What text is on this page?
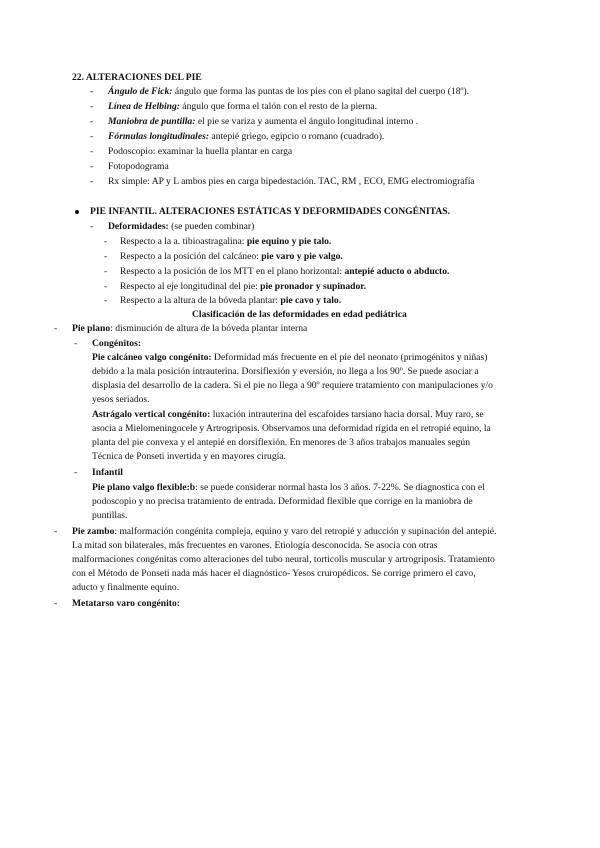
22. ALTERACIONES DEL PIE
- Ángulo de Fick: ángulo que forma las puntas de los pies con el plano sagital del cuerpo (18º).
- Línea de Helbing: ángulo que forma el talón con el resto de la pierna.
- Maniobra de puntilla: el pie se variza y aumenta el ángulo longitudinal interno .
- Fórmulas longitudinales: antepié griego, egipcio o romano (cuadrado).
- Podoscopio: examinar la huella plantar en carga
- Fotopodograma
- Rx simple: AP y L ambos pies en carga bipedestación. TAC, RM , ECO, EMG electromiografía
PIE INFANTIL. ALTERACIONES ESTÁTICAS Y DEFORMIDADES CONGÉNITAS.
- Deformidades: (se pueden combinar)
- Respecto a la a. tibioastragalina: pie equino y pie talo.
- Respecto a la posición del calcáneo: pie varo y pie valgo.
- Respecto a la posición de los MTT en el plano horizontal: antepié aducto o abducto.
- Respecto al eje longitudinal del pie: pie pronador y supinador.
- Respecto a la altura de la bóveda plantar: pie cavo y talo.
Clasificación de las deformidades en edad pediátrica
- Pie plano: disminución de altura de la bóveda plantar interna
- Congénitos:
Pie calcáneo valgo congénito: Deformidad más frecuente en el pie del neonato (primogénitos y niñas)
debido a la mala posición intrauterina. Dorsiflexión y eversión, no llega a los 90º. Se puede asociar a
displasia del desarrollo de la cadera. Si el pie no llega a 90º requiere tratamiento con manipulaciones y/o
yesos seriados.
Astrágalo vertical congénito: luxación intrauterina del escafoides tarsiano hacia dorsal. Muy raro, se
asocia a Mielomeningocele y Artrogriposis. Observamos una deformidad rígida en el retropié equino, la
planta del pie convexa y el antepié en dorsiflexión. En menores de 3 años trabajos manuales según
Técnica de Ponseti invertida y en mayores cirugía.
- Infantil
Pie plano valgo flexible:b: se puede considerar normal hasta los 3 años. 7-22%. Se diagnostica con el
podoscopio y no precisa tratamiento de entrada. Deformidad flexible que corrige en la maniobra de
puntillas.
- Pie zambo: malformación congénita compleja, equino y varo del retropié y aducción y supinación del antepié.
La mitad son bilaterales, más frecuentes en varones. Etiología desconocida. Se asocia con otras
malformaciones congénitas como alteraciones del tubo neural, torticolis muscular y artrogriposis. Tratamiento
con el Método de Ponseti nada más hacer el diagnóstico- Yesos cruropédicos. Se corrige primero el cavo,
aducto y finalmente equino.
- Metatarso varo congénito:
